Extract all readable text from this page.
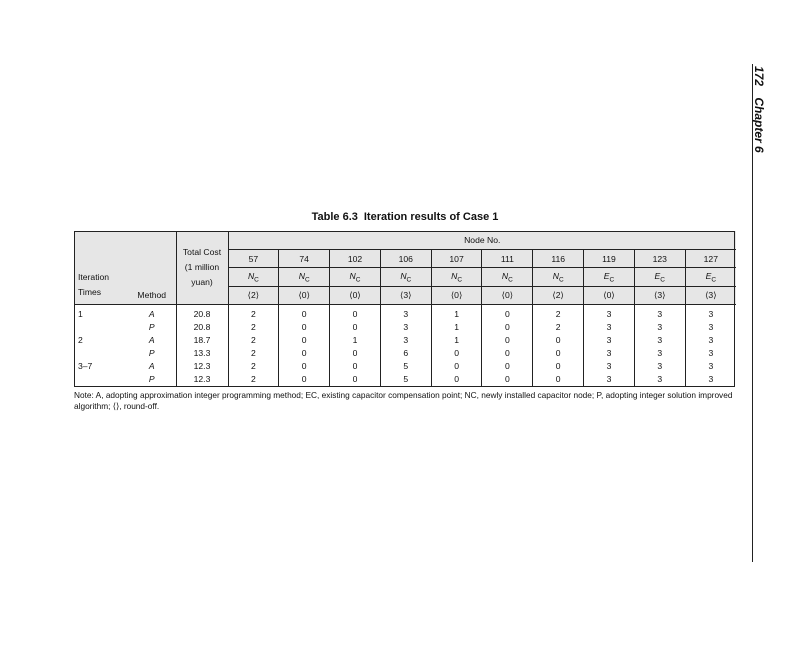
172 Chapter 6
Table 6.3 Iteration results of Case 1
Iteration Times	Method	Total Cost (1 million yuan)	Node No.									
			57	74	102	106	107	111	116	119	123	127
			$N_C$	$N_C$	$N_C$	$N_C$	$N_C$	$N_C$	$N_C$	$E_C$	$E_C$	$E_C$
			⟨2⟩	⟨0⟩	⟨0⟩	⟨3⟩	⟨0⟩	⟨0⟩	⟨2⟩	⟨0⟩	⟨3⟩	⟨3⟩
1	A	20.8	2	0	0	3	1	0	2	3	3	3
	P	20.8	2	0	0	3	1	0	2	3	3	3
2	A	18.7	2	0	1	3	1	0	0	3	3	3
	P	13.3	2	0	0	6	0	0	0	3	3	3
3–7	A	12.3	2	0	0	5	0	0	0	3	3	3
	P	12.3	2	0	0	5	0	0	0	3	3	3
Note: A, adopting approximation integer programming method; EC, existing capacitor compensation point; NC, newly installed capacitor node; P, adopting integer solution improved algorithm; ⟨⟩, round-off.
